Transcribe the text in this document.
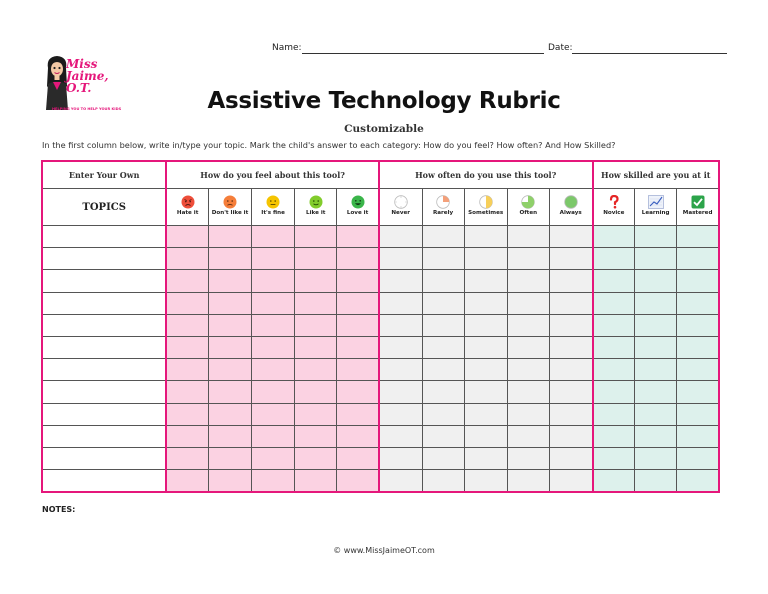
Name:	Date:
Miss
Jaime,
O.T.
HELPING YOU TO HELP YOUR KIDS	Assistive Technology Rubric
Customizable
In the first column below, write in/type your topic. Mark the child's answer to each category: How do you feel? How often? And How Skilled?
Enter Your Own	How do you feel about this tool?					How often do you use this tool?					How skilled are you at it		
TOPICS	Hate it	Don't like it	It's fine	Like it	Love it	Never	Rarely	Sometimes	Often	Always	Novice	Learning	Mastered

NOTES:
© www.MissJaimeOT.com
